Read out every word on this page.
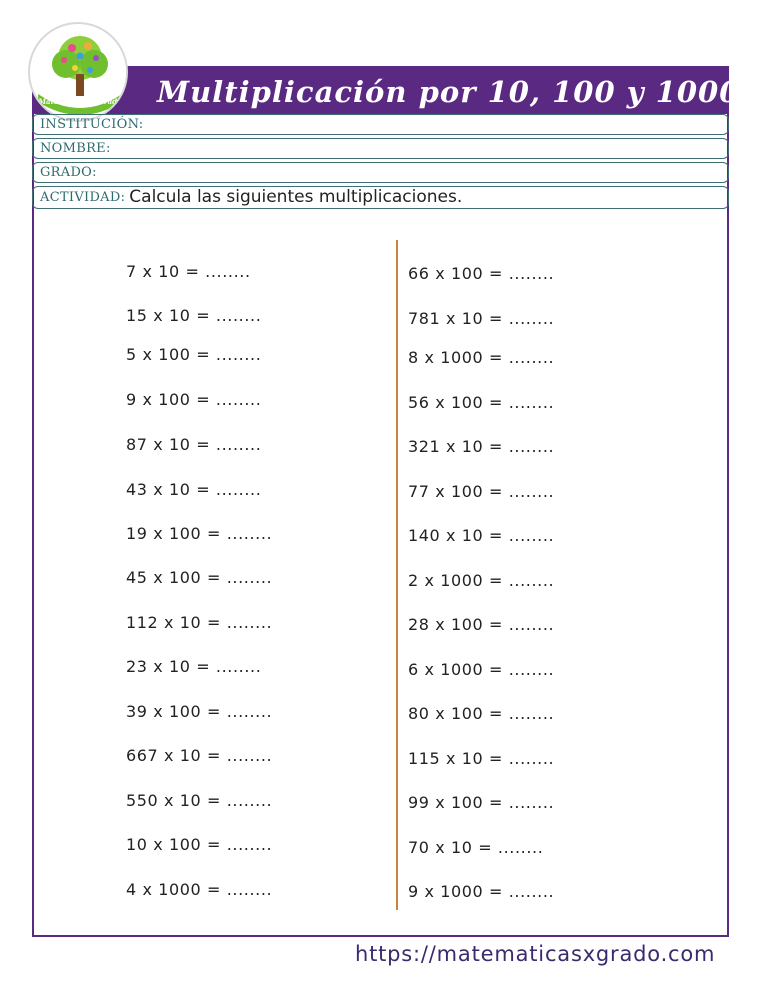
Multiplicación por 10, 100 y 1000
Matemáticas x Grado
INSTITUCIÓN:
NOMBRE:
GRADO:
ACTIVIDAD: Calcula las siguientes multiplicaciones.
7 x 10 = ........
15 x 10 = ........
5 x 100 = ........
9 x 100 = ........
87 x 10 = ........
43 x 10 = ........
19 x 100 = ........
45 x 100 = ........
112 x 10 = ........
23 x 10 = ........
39 x 100 = ........
667 x 10 = ........
550 x 10 = ........
10 x 100 = ........
4 x 1000 = ........
66 x 100 = ........
781 x 10 = ........
8 x 1000 = ........
56 x 100 = ........
321 x 10 = ........
77 x 100 = ........
140 x 10 = ........
2 x 1000 = ........
28 x 100 = ........
6 x 1000 = ........
80 x 100 = ........
115 x 10 = ........
99 x 100 = ........
70 x 10 = ........
9 x 1000 = ........
https://matematicasxgrado.com
